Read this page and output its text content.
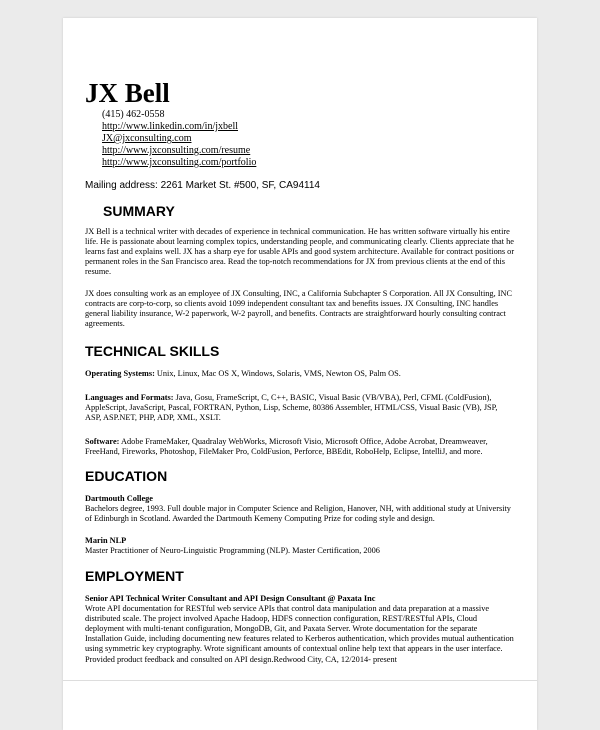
JX Bell
(415) 462-0558
http://www.linkedin.com/in/jxbell
JX@jxconsulting.com
http://www.jxconsulting.com/resume
http://www.jxconsulting.com/portfolio
Mailing address: 2261 Market St. #500, SF, CA94114
SUMMARY
JX Bell is a technical writer with decades of experience in technical communication. He has written software virtually his entire life. He is passionate about learning complex topics, understanding people, and communicating clearly. Clients appreciate that he learns fast and explains well. JX has a sharp eye for usable APIs and good system architecture. Available for contract positions or permanent roles in the San Francisco area. Read the top-notch recommendations for JX from previous clients at the end of this resume.
JX does consulting work as an employee of JX Consulting, INC, a California Subchapter S Corporation. All JX Consulting, INC contracts are corp-to-corp, so clients avoid 1099 independent consultant tax and benefits issues. JX Consulting, INC handles general liability insurance, W-2 paperwork, W-2 payroll, and benefits. Contracts are straightforward hourly consulting contract agreements.
TECHNICAL SKILLS
Operating Systems: Unix, Linux, Mac OS X, Windows, Solaris, VMS, Newton OS, Palm OS.
Languages and Formats: Java, Gosu, FrameScript, C, C++, BASIC, Visual Basic (VB/VBA), Perl, CFML (ColdFusion), AppleScript, JavaScript, Pascal, FORTRAN, Python, Lisp, Scheme, 80386 Assembler, HTML/CSS, Visual Basic (VB), JSP, ASP, ASP.NET, PHP, ADP, XML, XSLT.
Software: Adobe FrameMaker, Quadralay WebWorks, Microsoft Visio, Microsoft Office, Adobe Acrobat, Dreamweaver, FreeHand, Fireworks, Photoshop, FileMaker Pro, ColdFusion, Perforce, BBEdit, RoboHelp, Eclipse, IntelliJ, and more.
EDUCATION
Dartmouth College
Bachelors degree, 1993. Full double major in Computer Science and Religion, Hanover, NH, with additional study at University of Edinburgh in Scotland. Awarded the Dartmouth Kemeny Computing Prize for coding style and design.
Marin NLP
Master Practitioner of Neuro-Linguistic Programming (NLP). Master Certification, 2006
EMPLOYMENT
Senior API Technical Writer Consultant and API Design Consultant @ Paxata Inc
Wrote API documentation for RESTful web service APIs that control data manipulation and data preparation at a massive distributed scale. The project involved Apache Hadoop, HDFS connection configuration, REST/RESTful APIs, Cloud deployment with multi-tenant configuration, MongoDB, Git, and Paxata Server. Wrote documentation for the separate Installation Guide, including documenting new features related to Kerberos authentication, which provides mutual authentication using symmetric key cryptography. Wrote significant amounts of contextual online help text that appears in the user interface. Provided product feedback and consulted on API design.Redwood City, CA, 12/2014- present
